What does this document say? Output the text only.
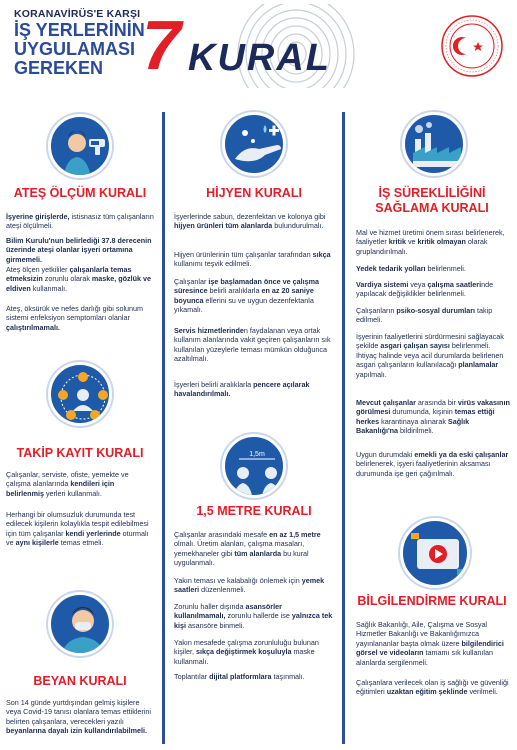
KORANAVİRÜS'E KARŞI
İŞ YERLERİNİN
UYGULAMASI
GEREKEN 7 KURAL
ATEŞ ÖLÇÜM KURALI
İşyerine girişlerde, istisnasız tüm çalışanların ateşi ölçülmeli.
Bilim Kurulu'nun belirlediği 37.8 derecenin üzerinde ateşi olanlar işyeri ortamına girmemeli.
Ateş ölçen yetkililer çalışanlarla temas etmeksizin zorunlu olarak maske, gözlük ve eldiven kullanmalı.
Ateş, öksürük ve nefes darlığı gibi solunum sistemi enfeksiyon semptomları olanlar çalıştırılmamalı.
TAKİP KAYIT KURALI
Çalışanlar, serviste, ofiste, yemekte ve çalışma alanlarında kendileri için belirlenmiş yerleri kullanmalı.
Herhangi bir olumsuzluk durumunda test edilecek kişilerin kolaylıkla tespit edilebilmesi için tüm çalışanlar kendi yerlerinde oturmalı ve aynı kişilerle temas etmeli.
BEYAN KURALI
Son 14 günde yurtdışından gelmiş kişilere veya Covid-19 tanısı olanlara temas ettiklerini belirten çalışanlara, verecekleri yazılı beyanlarına dayalı izin kullandırılabilmeli.
HİJYEN KURALI
İşyerlerinde sabun, dezenfektan ve kolonya gibi hijyen ürünleri tüm alanlarda bulundurulmalı.
Hijyen ürünlerinin tüm çalışanlar tarafından sıkça kullanımı teşvik edilmeli.
Çalışanlar işe başlamadan önce ve çalışma süresince belirli aralıklarla en az 20 saniye boyunca ellerini su ve uygun dezenfektanla yıkamalı.
Servis hizmetlerinden faydalanan veya ortak kullanım alanlarında vakit geçiren çalışanların sık kullanılan yüzeylerle teması mümkün olduğunca azaltılmalı.
İşyerleri belirli aralıklarla pencere açılarak havalandırılmalı.
1,5m
1,5 METRE KURALI
Çalışanlar arasındaki mesafe en az 1,5 metre olmalı. Üretim alanları, çalışma masaları, yemekhaneler gibi tüm alanlarda bu kural uygulanmalı.
Yakın teması ve kalabalığı önlemek için yemek saatleri düzenlenmeli.
Zorunlu haller dışında asansörler kullanılmamalı, zorunlu hallerde ise yalnızca tek kişi asansöre binmeli.
Yakın mesafede çalışma zorunluluğu bulunan kişiler, sıkça değiştirmek koşuluyla maske kullanmalı.
Toplantılar dijital platformlara taşınmalı.
İŞ SÜREKLİLİĞİNİ
SAĞLAMA KURALI
Mal ve hizmet üretimi önem sırası belirlenerek, faaliyetler kritik ve kritik olmayan olarak gruplandırılmalı.
Yedek tedarik yolları belirlenmeli.
Vardiya sistemi veya çalışma saatlerinde yapılacak değişiklikler belirlenmeli.
Çalışanların psiko-sosyal durumları takip edilmeli.
İşyerinin faaliyetlerini sürdürmesini sağlayacak şekilde asgari çalışan sayısı belirlenmeli. İhtiyaç halinde veya acil durumlarda belirlenen asgari çalışanların kullanılacağı planlamalar yapılmalı.
Mevcut çalışanlar arasında bir virüs vakasının görülmesi durumunda, kişinin temas ettiği herkes karantinaya alınarak Sağlık Bakanlığı'na bildirilmeli.
Uygun durumdaki emekli ya da eski çalışanlar belirlenerek, işyeri faaliyetlerinin aksaması durumunda işe geri çağırılmalı.
BİLGİLENDİRME KURALI
Sağlık Bakanlığı, Aile, Çalışma ve Sosyal Hizmetler Bakanlığı ve Bakanlığımızca yayınlananlar başta olmak üzere bilgilendirici görsel ve videoların tamamı sık kullanılan alanlarda sergilenmeli.
Çalışanlara verilecek olan iş sağlığı ve güvenliği eğitimleri uzaktan eğitim şeklinde verilmeli.
